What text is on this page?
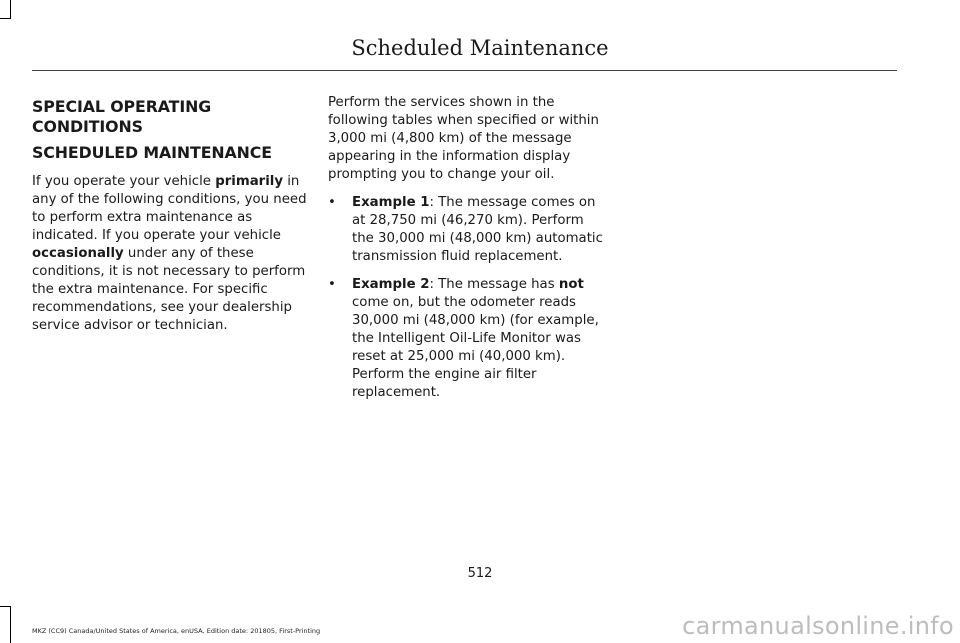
Scheduled Maintenance
SPECIAL OPERATING CONDITIONS
SCHEDULED MAINTENANCE

If you operate your vehicle primarily in any of the following conditions, you need to perform extra maintenance as indicated. If you operate your vehicle occasionally under any of these conditions, it is not necessary to perform the extra maintenance. For specific recommendations, see your dealership service advisor or technician.

Perform the services shown in the following tables when specified or within 3,000 mi (4,800 km) of the message appearing in the information display prompting you to change your oil.

• Example 1: The message comes on at 28,750 mi (46,270 km). Perform the 30,000 mi (48,000 km) automatic transmission fluid replacement.
• Example 2: The message has not come on, but the odometer reads 30,000 mi (48,000 km) (for example, the Intelligent Oil-Life Monitor was reset at 25,000 mi (40,000 km). Perform the engine air filter replacement.
512
MKZ (CC9) Canada/United States of America, enUSA, Edition date: 201805, First-Printing	carmanualsonline.info
